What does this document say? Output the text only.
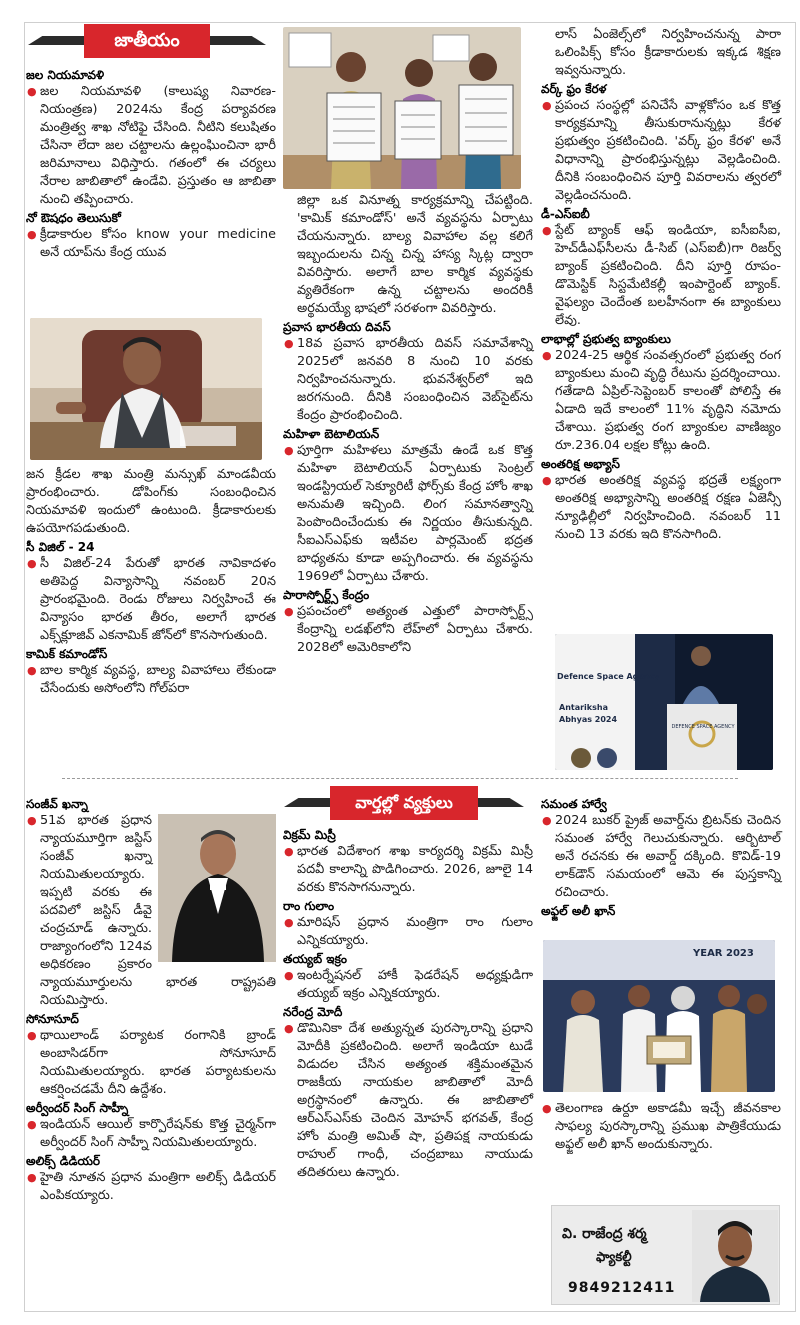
జాతీయం
జల నియమావళి
● జల నియమావళి (కాలుష్య నివారణ-నియంత్రణ) 2024ను కేంద్ర పర్యావరణ మంత్రిత్వ శాఖ నోటిఫై చేసింది. నీటిని కలుషితం చేసినా లేదా జల చట్టాలను ఉల్లంఘించినా భారీ జరిమానాలు విధిస్తారు. గతంలో ఈ చర్యలు నేరాల జాబితాలో ఉండేవి. ప్రస్తుతం ఆ జాబితా నుంచి తప్పించారు.
నో ఔషధం తెలుసుకో
● క్రీడాకారుల కోసం know your medicine అనే యాప్‌ను కేంద్ర యువ
జన క్రీడల శాఖ మంత్రి మన్సుఖ్ మాండవీయ ప్రారంభించారు. డోపింగ్‌కు సంబంధించిన నియమావళి ఇందులో ఉంటుంది. క్రీడాకారులకు ఉపయోగపడుతుంది.
సీ విజిల్ - 24
● సీ విజిల్-24 పేరుతో భారత నావికాదళం అతిపెద్ద విన్యాసాన్ని నవంబర్ 20న ప్రారంభమైంది. రెండు రోజులు నిర్వహించే ఈ విన్యాసం భారత తీరం, అలాగే భారత ఎక్స్‌క్లూజివ్ ఎకనామిక్ జోన్‌లో కొనసాగుతుంది.
కామిక్ కమాండోస్
● బాల కార్మిక వ్యవస్థ, బాల్య వివాహాలు లేకుండా చేసేందుకు అసోంలోని గోల్‌పరా
జిల్లా ఒక వినూత్న కార్యక్రమాన్ని చేపట్టింది. 'కామిక్ కమాండోస్' అనే వ్యవస్థను ఏర్పాటు చేయనున్నారు. బాల్య వివాహాల వల్ల కలిగే ఇబ్బందులను చిన్న చిన్న హాస్య స్కిట్ల ద్వారా వివరిస్తారు. అలాగే బాల కార్మిక వ్యవస్థకు వ్యతిరేకంగా ఉన్న చట్టాలను అందరికీ అర్థమయ్యే భాషలో సరళంగా వివరిస్తారు.
ప్రవాస భారతీయ దివస్
● 18వ ప్రవాస భారతీయ దివస్ సమావేశాన్ని 2025లో జనవరి 8 నుంచి 10 వరకు నిర్వహించనున్నారు. భువనేశ్వర్‌లో ఇది జరగనుంది. దీనికి సంబంధించిన వెబ్‌సైట్‌ను కేంద్రం ప్రారంభించింది.
మహిళా బెటాలియన్
● పూర్తిగా మహిళలు మాత్రమే ఉండే ఒక కొత్త మహిళా బెటాలియన్ ఏర్పాటుకు సెంట్రల్ ఇండస్ట్రియల్ సెక్యూరిటీ ఫోర్స్‌కు కేంద్ర హోం శాఖ అనుమతి ఇచ్చింది. లింగ సమానత్వాన్ని పెంపొందించేందుకు ఈ నిర్ణయం తీసుకున్నది. సీఐఎస్ఎఫ్‌కు ఇటీవల పార్లమెంట్ భద్రత బాధ్యతను కూడా అప్పగించారు. ఈ వ్యవస్థను 1969లో ఏర్పాటు చేశారు.
పారాస్పోర్ట్స్ కేంద్రం
● ప్రపంచంలో అత్యంత ఎత్తులో పారాస్పోర్ట్స్ కేంద్రాన్ని లడఖ్‌లోని లేహ్‌లో ఏర్పాటు చేశారు. 2028లో అమెరికాలోని
లాస్ ఏంజెల్స్‌లో నిర్వహించనున్న పారా ఒలింపిక్స్ కోసం క్రీడాకారులకు ఇక్కడ శిక్షణ ఇవ్వనున్నారు.
వర్క్ ఫ్రం కేరళ
● ప్రపంచ సంస్థల్లో పనిచేసే వాళ్లకోసం ఒక కొత్త కార్యక్రమాన్ని తీసుకురానున్నట్లు కేరళ ప్రభుత్వం ప్రకటించింది. 'వర్క్ ఫ్రం కేరళ' అనే విధానాన్ని ప్రారంభిస్తున్నట్లు వెల్లడించింది. దీనికి సంబంధించిన పూర్తి వివరాలను త్వరలో వెల్లడించనుంది.
డీ-ఎస్ఐబీ
● స్టేట్ బ్యాంక్ ఆఫ్ ఇండియా, ఐసీఐసీఐ, హెచ్‌డీఎఫ్‌సీలను డీ-సిబ్ (ఎస్ఐబీ)గా రిజర్వ్ బ్యాంక్ ప్రకటించింది. దీని పూర్తి రూపం- డొమెస్టిక్ సిస్టమేటికల్లీ ఇంపార్టెంట్ బ్యాంక్. వైఫల్యం చెందేంత బలహీనంగా ఈ బ్యాంకులు లేవు.
లాభాల్లో ప్రభుత్వ బ్యాంకులు
● 2024-25 ఆర్థిక సంవత్సరంలో ప్రభుత్వ రంగ బ్యాంకులు మంచి వృద్ధి రేటును ప్రదర్శించాయి. గతేడాది ఏప్రిల్-సెప్టెంబర్ కాలంతో పోలిస్తే ఈ ఏడాది ఇదే కాలంలో 11% వృద్ధిని నమోదు చేశాయి. ప్రభుత్వ రంగ బ్యాంకుల వాణిజ్యం రూ.236.04 లక్షల కోట్లు ఉంది.
అంతరిక్ష అభ్యాస్
● భారత అంతరిక్ష వ్యవస్థ భద్రతే లక్ష్యంగా అంతరిక్ష అభ్యాసాన్ని అంతరిక్ష రక్షణ ఏజెన్సీ న్యూఢిల్లీలో నిర్వహించింది. నవంబర్ 11 నుంచి 13 వరకు ఇది కొనసాగింది.
Defence Space Agency
Antariksha Abhyas 2024
DEFENCE SPACE AGENCY
వార్తల్లో వ్యక్తులు
సంజీవ్ ఖన్నా
● 51వ భారత ప్రధాన న్యాయమూర్తిగా జస్టిస్ సంజీవ్ ఖన్నా నియమితులయ్యారు. ఇప్పటి వరకు ఈ పదవిలో జస్టిస్ డీవై చంద్రచూడ్ ఉన్నారు. రాజ్యాంగంలోని 124వ అధికరణం ప్రకారం న్యాయమూర్తులను భారత రాష్ట్రపతి నియమిస్తారు.
సోనూసూద్
● థాయిలాండ్ పర్యాటక రంగానికి బ్రాండ్ అంబాసిడర్‌గా సోనూసూద్ నియమితులయ్యారు. భారత పర్యాటకులను ఆకర్షించడమే దీని ఉద్దేశం.
అర్వీందర్ సింగ్ సాహ్నీ
● ఇండియన్ ఆయిల్ కార్పొరేషన్‌కు కొత్త చైర్మన్‌గా అర్వీందర్ సింగ్ సాహ్నీ నియమితులయ్యారు.
అలిక్స్ డిడియర్
● హైతి నూతన ప్రధాన మంత్రిగా అలిక్స్ డిడియర్ ఎంపికయ్యారు.
విక్రమ్ మిస్రీ
● భారత విదేశాంగ శాఖ కార్యదర్శి విక్రమ్ మిస్రీ పదవీ కాలాన్ని పొడిగించారు. 2026, జూలై 14 వరకు కొనసాగనున్నారు.
రాం గులాం
● మారిషస్ ప్రధాన మంత్రిగా రాం గులాం ఎన్నికయ్యారు.
తయ్యబ్ ఇక్రం
● ఇంటర్నేషనల్ హాకీ ఫెడరేషన్ అధ్యక్షుడిగా తయ్యబ్ ఇక్రం ఎన్నికయ్యారు.
నరేంద్ర మోదీ
● డొమినికా దేశ అత్యున్నత పురస్కారాన్ని ప్రధాని మోదీకి ప్రకటించింది. అలాగే ఇండియా టుడే విడుదల చేసిన అత్యంత శక్తిమంతమైన రాజకీయ నాయకుల జాబితాలో మోదీ అగ్రస్థానంలో ఉన్నారు. ఈ జాబితాలో ఆర్ఎస్ఎస్‌కు చెందిన మోహన్ భగవత్, కేంద్ర హోం మంత్రి అమిత్ షా, ప్రతిపక్ష నాయకుడు రాహుల్ గాంధీ, చంద్రబాబు నాయుడు తదితరులు ఉన్నారు.
సమంత హార్వే
● 2024 బుకర్ ప్రైజ్ అవార్డ్‌ను బ్రిటన్‌కు చెందిన సమంత హార్వే గెలుచుకున్నారు. ఆర్బిటాల్ అనే రచనకు ఈ అవార్డ్ దక్కింది. కొవిడ్-19 లాక్‌డౌన్ సమయంలో ఆమె ఈ పుస్తకాన్ని రచించారు.
అఫ్జల్ అలీ ఖాన్
YEAR 2023
● తెలంగాణ ఉర్దూ అకాడమీ ఇచ్చే జీవనకాల సాఫల్య పురస్కారాన్ని ప్రముఖ పాత్రికేయుడు అఫ్జల్ అలీ ఖాన్ అందుకున్నారు.
వి. రాజేంద్ర శర్మ
ఫ్యాకల్టీ
9849212411
